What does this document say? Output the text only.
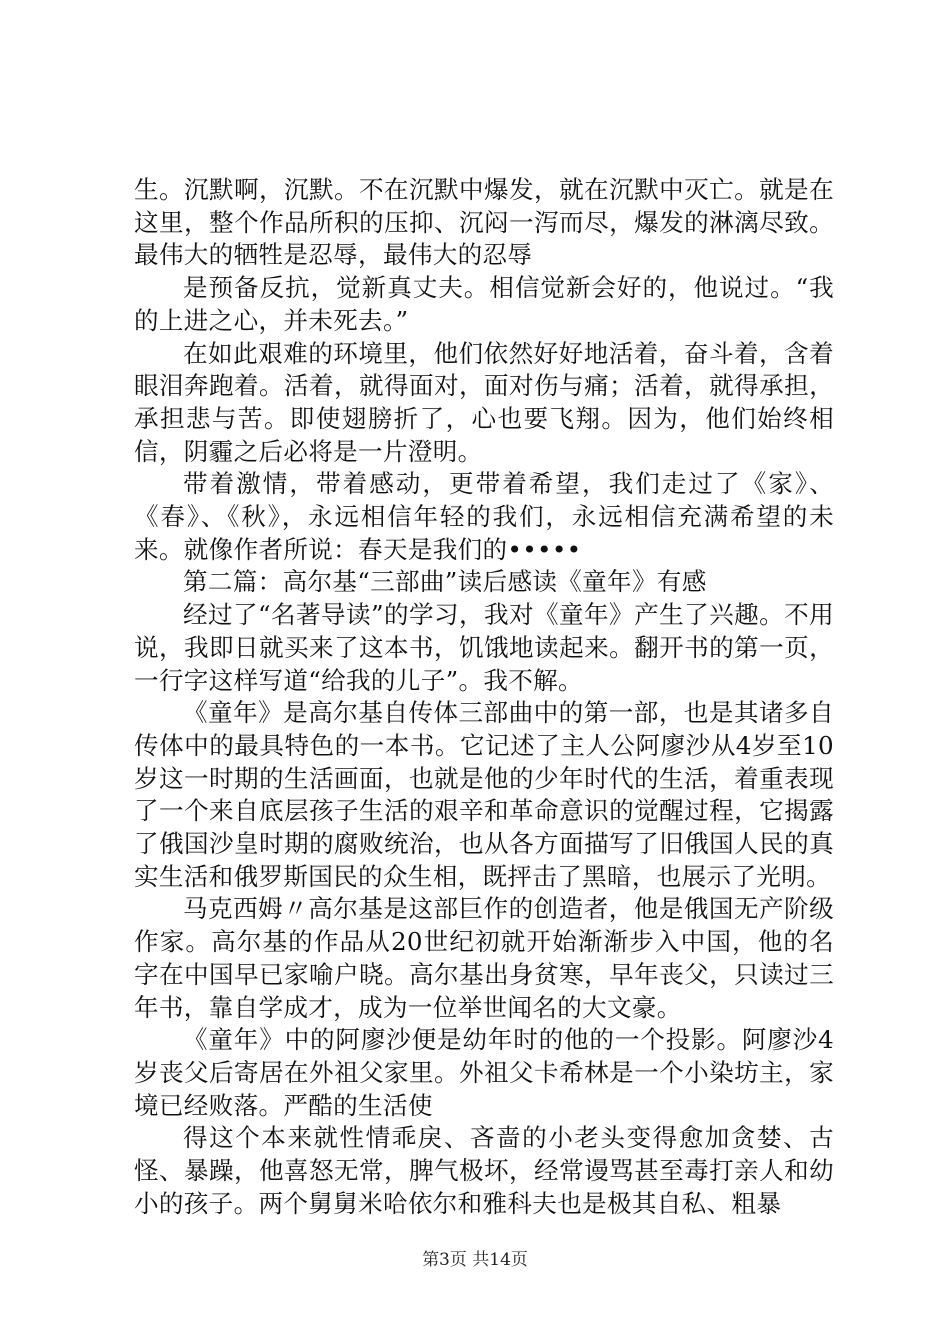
生。沉默啊，沉默。不在沉默中爆发，就在沉默中灭亡。就是在这里，整个作品所积的压抑、沉闷一泻而尽，爆发的淋漓尽致。最伟大的牺牲是忍辱，最伟大的忍辱

是预备反抗，觉新真丈夫。相信觉新会好的，他说过。“我的上进之心，并未死去。”

在如此艰难的环境里，他们依然好好地活着，奋斗着，含着眼泪奔跑着。活着，就得面对，面对伤与痛；活着，就得承担，承担悲与苦。即使翅膀折了，心也要飞翔。因为，他们始终相信，阴霾之后必将是一片澄明。

带着激情，带着感动，更带着希望，我们走过了《家》、《春》、《秋》，永远相信年轻的我们，永远相信充满希望的未来。就像作者所说：春天是我们的•••••

第二篇：高尔基“三部曲”读后感读《童年》有感

经过了“名著导读”的学习，我对《童年》产生了兴趣。不用说，我即日就买来了这本书，饥饿地读起来。翻开书的第一页，一行字这样写道“给我的儿子”。我不解。

《童年》是高尔基自传体三部曲中的第一部，也是其诸多自传体中的最具特色的一本书。它记述了主人公阿廖沙从4岁至10岁这一时期的生活画面，也就是他的少年时代的生活，着重表现了一个来自底层孩子生活的艰辛和革命意识的觉醒过程，它揭露了俄国沙皇时期的腐败统治，也从各方面描写了旧俄国人民的真实生活和俄罗斯国民的众生相，既抨击了黑暗，也展示了光明。

马克西姆〃高尔基是这部巨作的创造者，他是俄国无产阶级作家。高尔基的作品从20世纪初就开始渐渐步入中国，他的名字在中国早已家喻户晓。高尔基出身贫寒，早年丧父，只读过三年书，靠自学成才，成为一位举世闻名的大文豪。

《童年》中的阿廖沙便是幼年时的他的一个投影。阿廖沙4岁丧父后寄居在外祖父家里。外祖父卡希林是一个小染坊主，家境已经败落。严酷的生活使

得这个本来就性情乖戾、吝啬的小老头变得愈加贪婪、古怪、暴躁，他喜怒无常，脾气极坏，经常谩骂甚至毒打亲人和幼小的孩子。两个舅舅米哈依尔和雅科夫也是极其自私、粗暴

第3页 共14页
